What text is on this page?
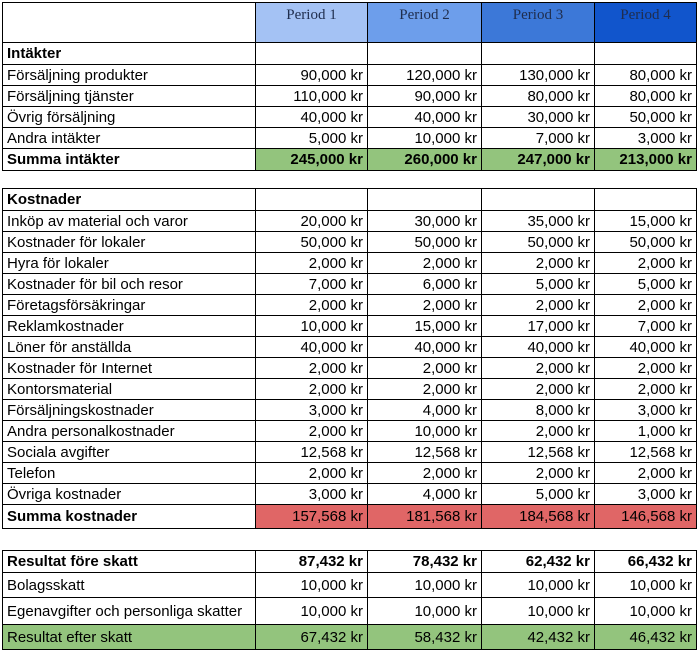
Period 1	Period 2	Period 3	Period 4
Intäkter
Försäljning produkter	90,000 kr	120,000 kr	130,000 kr	80,000 kr
Försäljning tjänster	110,000 kr	90,000 kr	80,000 kr	80,000 kr
Övrig försäljning	40,000 kr	40,000 kr	30,000 kr	50,000 kr
Andra intäkter	5,000 kr	10,000 kr	7,000 kr	3,000 kr
Summa intäkter	245,000 kr	260,000 kr	247,000 kr	213,000 kr
Kostnader
Inköp av material och varor	20,000 kr	30,000 kr	35,000 kr	15,000 kr
Kostnader för lokaler	50,000 kr	50,000 kr	50,000 kr	50,000 kr
Hyra för lokaler	2,000 kr	2,000 kr	2,000 kr	2,000 kr
Kostnader för bil och resor	7,000 kr	6,000 kr	5,000 kr	5,000 kr
Företagsförsäkringar	2,000 kr	2,000 kr	2,000 kr	2,000 kr
Reklamkostnader	10,000 kr	15,000 kr	17,000 kr	7,000 kr
Löner för anställda	40,000 kr	40,000 kr	40,000 kr	40,000 kr
Kostnader för Internet	2,000 kr	2,000 kr	2,000 kr	2,000 kr
Kontorsmaterial	2,000 kr	2,000 kr	2,000 kr	2,000 kr
Försäljningskostnader	3,000 kr	4,000 kr	8,000 kr	3,000 kr
Andra personalkostnader	2,000 kr	10,000 kr	2,000 kr	1,000 kr
Sociala avgifter	12,568 kr	12,568 kr	12,568 kr	12,568 kr
Telefon	2,000 kr	2,000 kr	2,000 kr	2,000 kr
Övriga kostnader	3,000 kr	4,000 kr	5,000 kr	3,000 kr
Summa kostnader	157,568 kr	181,568 kr	184,568 kr	146,568 kr
Resultat före skatt	87,432 kr	78,432 kr	62,432 kr	66,432 kr
Bolagsskatt	10,000 kr	10,000 kr	10,000 kr	10,000 kr
Egenavgifter och personliga skatter	10,000 kr	10,000 kr	10,000 kr	10,000 kr
Resultat efter skatt	67,432 kr	58,432 kr	42,432 kr	46,432 kr
